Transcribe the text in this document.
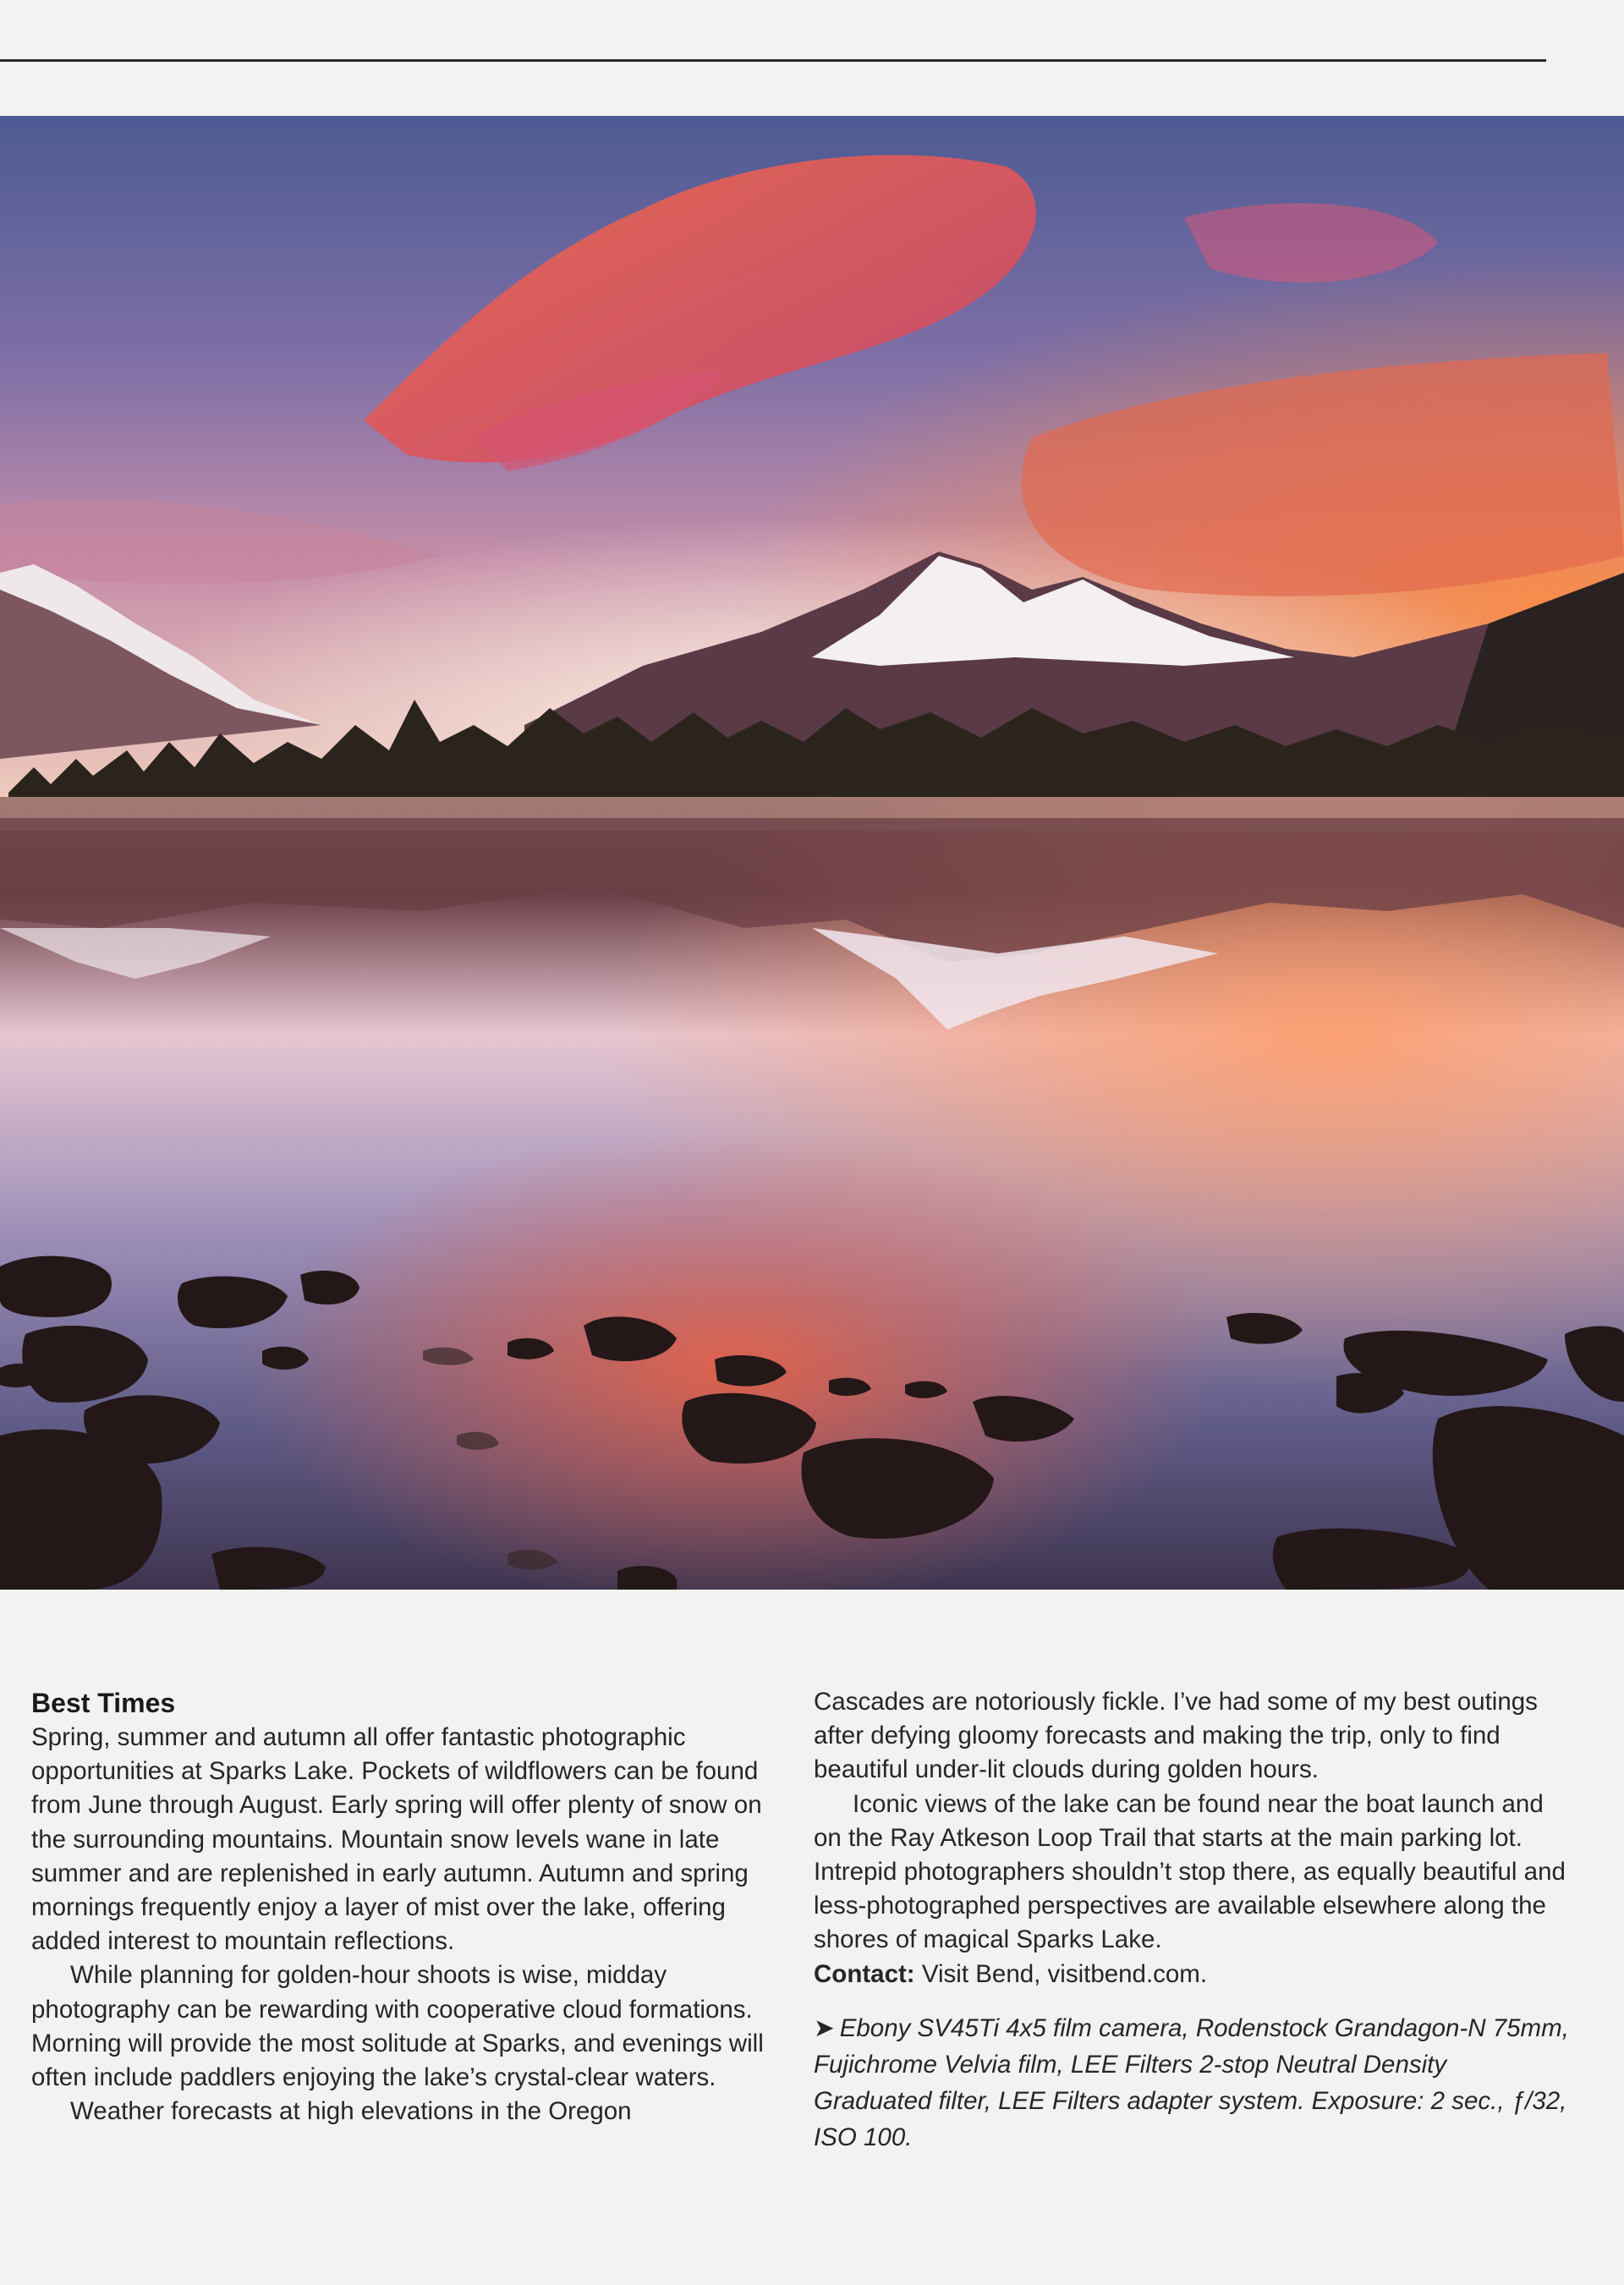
Best Times

Spring, summer and autumn all offer fantastic photographic opportunities at Sparks Lake. Pockets of wildflowers can be found from June through August. Early spring will offer plenty of snow on the surrounding mountains. Mountain snow levels wane in late summer and are replenished in early autumn. Autumn and spring mornings frequently enjoy a layer of mist over the lake, offering added interest to mountain reflections.

While planning for golden-hour shoots is wise, midday photography can be rewarding with cooperative cloud formations. Morning will provide the most solitude at Sparks, and evenings will often include paddlers enjoying the lake’s crystal-clear waters.

Weather forecasts at high elevations in the Oregon

Cascades are notoriously fickle. I’ve had some of my best outings after defying gloomy forecasts and making the trip, only to find beautiful under-lit clouds during golden hours.

Iconic views of the lake can be found near the boat launch and on the Ray Atkeson Loop Trail that starts at the main parking lot. Intrepid photographers shouldn’t stop there, as equally beautiful and less-photographed perspectives are available elsewhere along the shores of magical Sparks Lake.

Contact: Visit Bend, visitbend.com.

➤ Ebony SV45Ti 4x5 film camera, Rodenstock Grandagon-N 75mm, Fujichrome Velvia film, LEE Filters 2-stop Neutral Density Graduated filter, LEE Filters adapter system. Exposure: 2 sec., ƒ/32, ISO 100.
